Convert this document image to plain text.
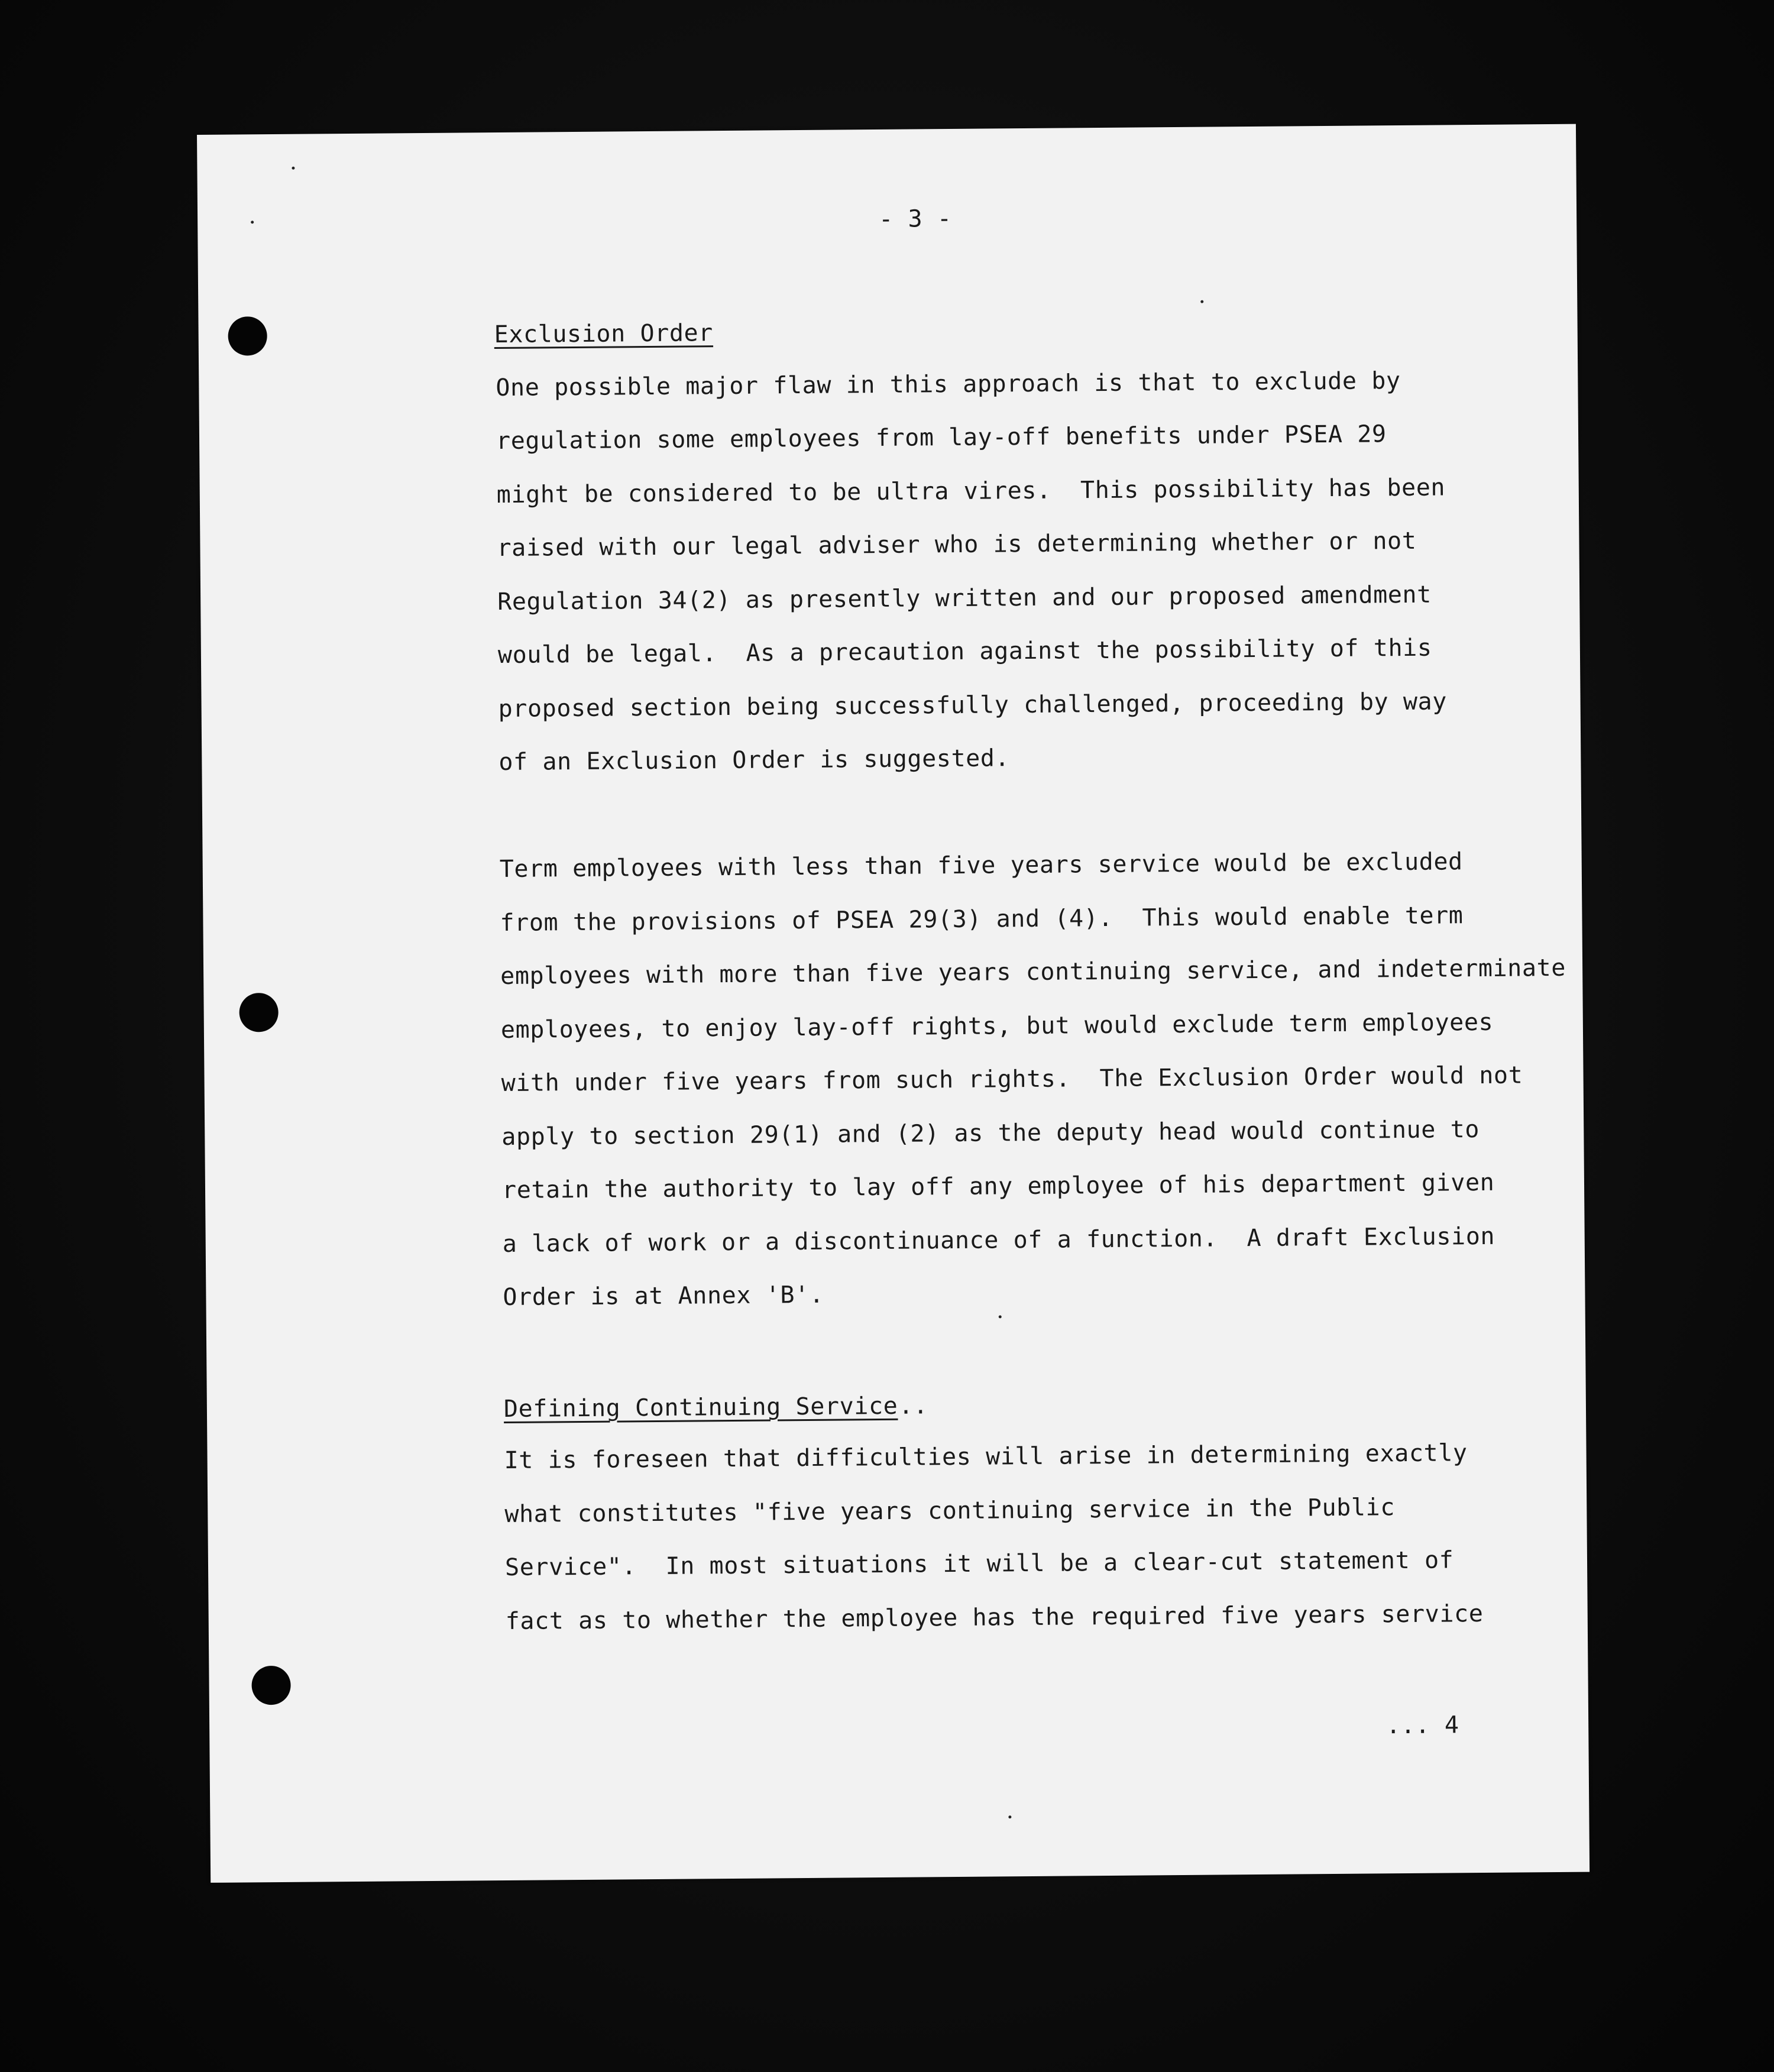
- 3 -
Exclusion Order
One possible major flaw in this approach is that to exclude by
regulation some employees from lay-off benefits under PSEA 29
might be considered to be ultra vires.  This possibility has been
raised with our legal adviser who is determining whether or not
Regulation 34(2) as presently written and our proposed amendment
would be legal.  As a precaution against the possibility of this
proposed section being successfully challenged, proceeding by way
of an Exclusion Order is suggested.
Term employees with less than five years service would be excluded
from the provisions of PSEA 29(3) and (4).  This would enable term
employees with more than five years continuing service, and indeterminate
employees, to enjoy lay-off rights, but would exclude term employees
with under five years from such rights.  The Exclusion Order would not
apply to section 29(1) and (2) as the deputy head would continue to
retain the authority to lay off any employee of his department given
a lack of work or a discontinuance of a function.  A draft Exclusion
Order is at Annex 'B'.
Defining Continuing Service ..
It is foreseen that difficulties will arise in determining exactly
what constitutes "five years continuing service in the Public
Service".  In most situations it will be a clear-cut statement of
fact as to whether the employee has the required five years service
... 4
